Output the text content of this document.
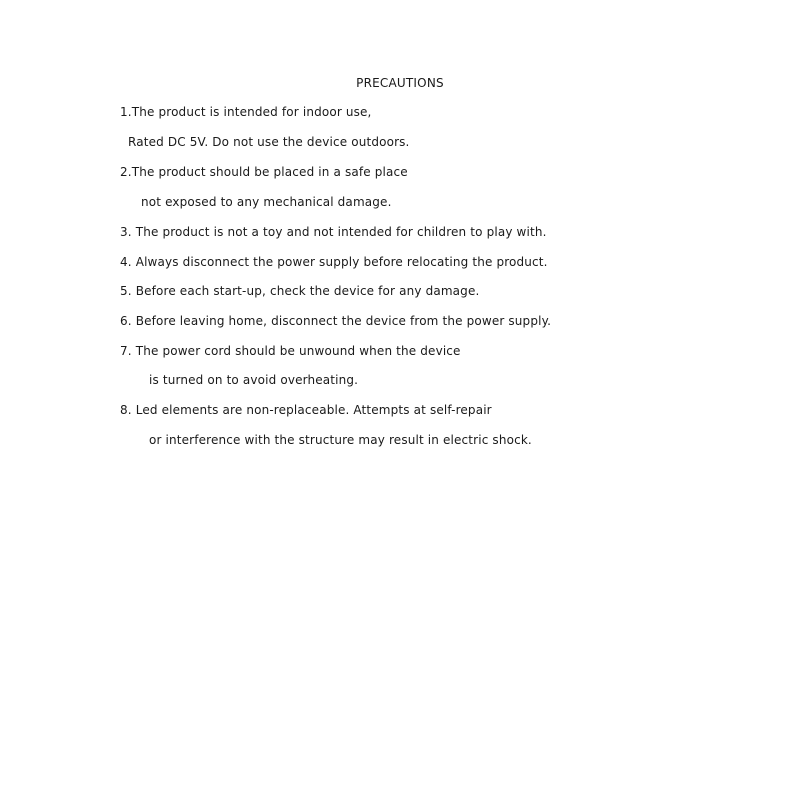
PRECAUTIONS
1.The product is intended for indoor use,
Rated DC 5V. Do not use the device outdoors.
2.The product should be placed in a safe place
not exposed to any mechanical damage.
3. The product is not a toy and not intended for children to play with.
4. Always disconnect the power supply before relocating the product.
5. Before each start-up, check the device for any damage.
6. Before leaving home, disconnect the device from the power supply.
7. The power cord should be unwound when the device
is turned on to avoid overheating.
8. Led elements are non-replaceable. Attempts at self-repair
or interference with the structure may result in electric shock.
